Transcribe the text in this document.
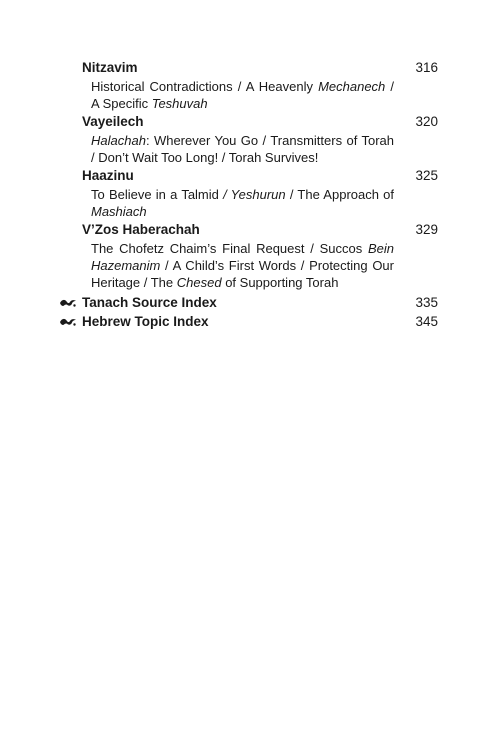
Nitzavim	316
Historical Contradictions / A Heavenly Mechanech / A Specific Teshuvah
Vayeilech	320
Halachah: Wherever You Go / Transmitters of Torah / Don’t Wait Too Long! / Torah Survives!
Haazinu	325
To Believe in a Talmid / Yeshurun / The Approach of Mashiach
V’Zos Haberachah	329
The Chofetz Chaim’s Final Request / Succos Bein Hazemanim / A Child’s First Words / Protecting Our Heritage / The Chesed of Supporting Torah
Tanach Source Index	335
Hebrew Topic Index	345
